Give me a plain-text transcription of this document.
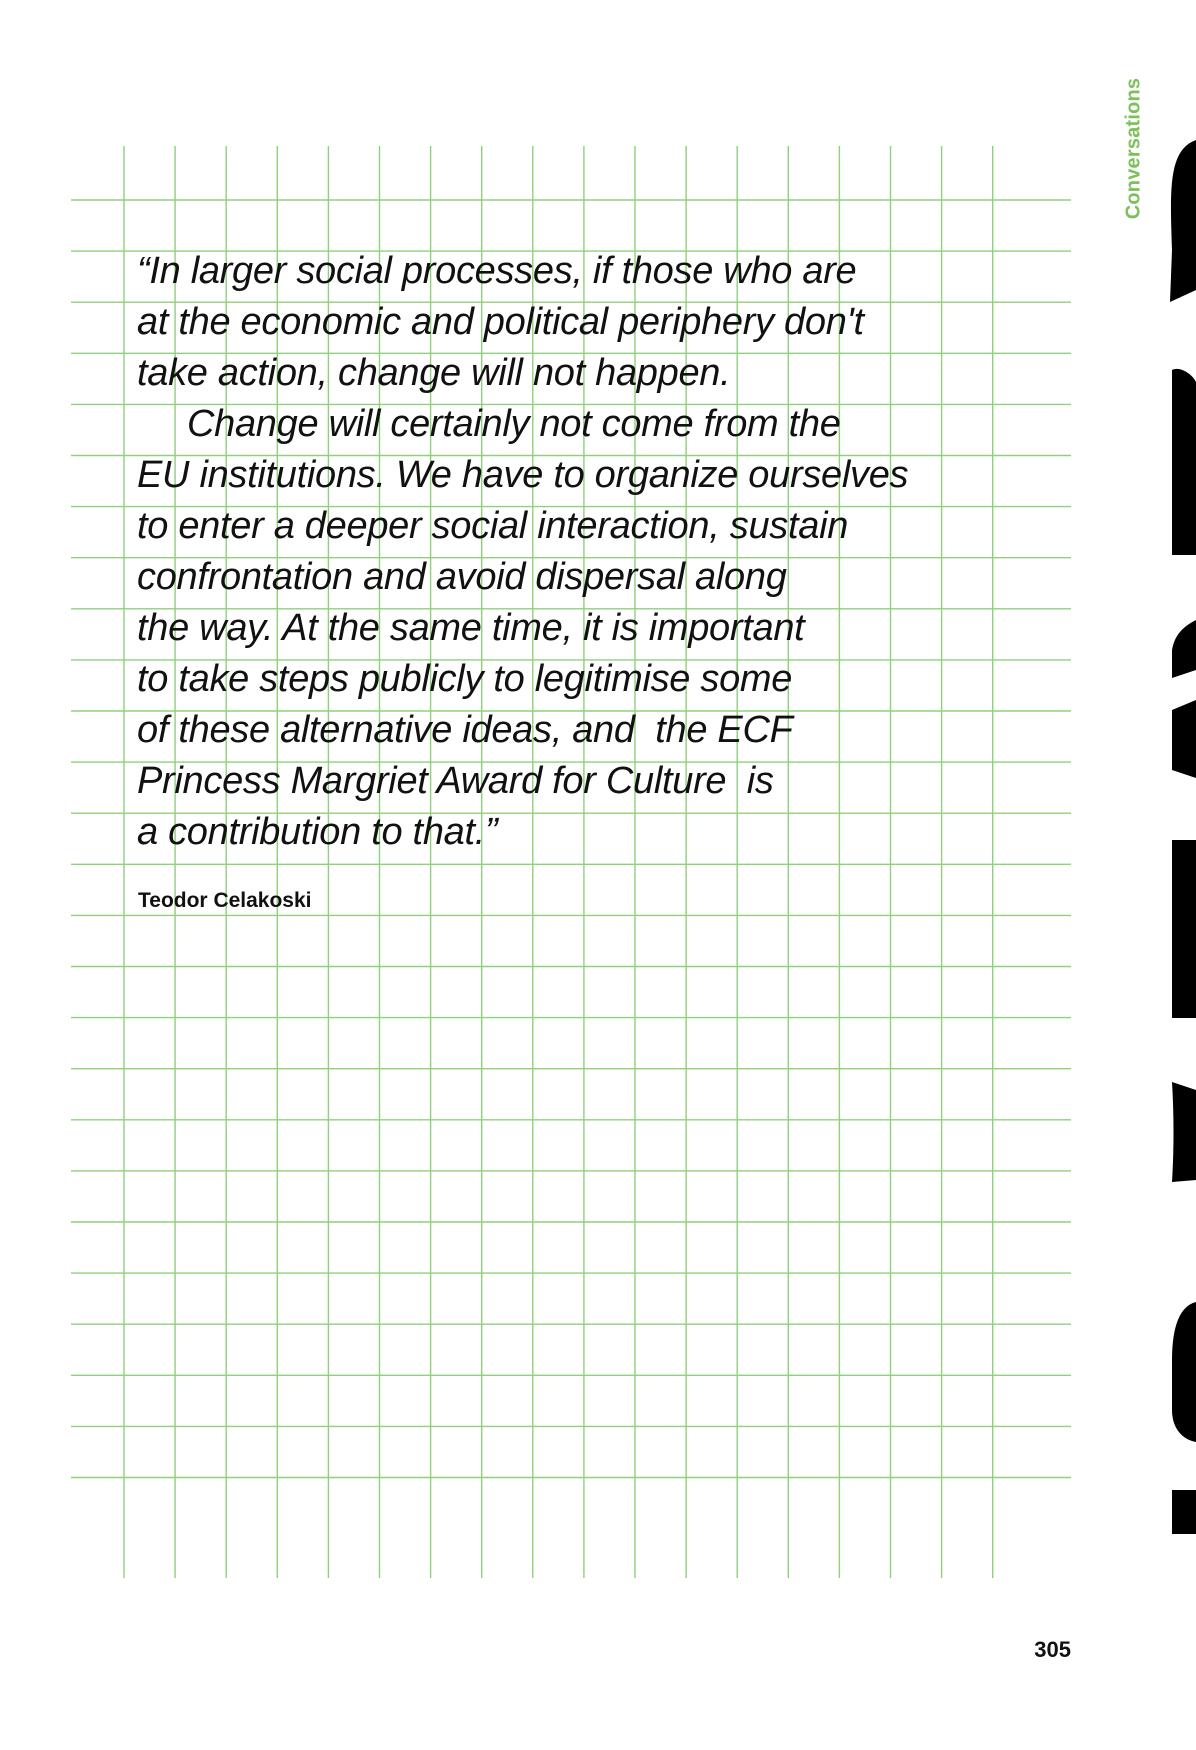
Conversations
“In larger social processes, if those who are
at the economic and political periphery don't
take action, change will not happen.
Change will certainly not come from the
EU institutions. We have to organize ourselves
to enter a deeper social interaction, sustain
confrontation and avoid dispersal along
the way. At the same time, it is important
to take steps publicly to legitimise some
of these alternative ideas, and  the ECF
Princess Margriet Award for Culture  is
a contribution to that.”
Teodor Celakoski
305
